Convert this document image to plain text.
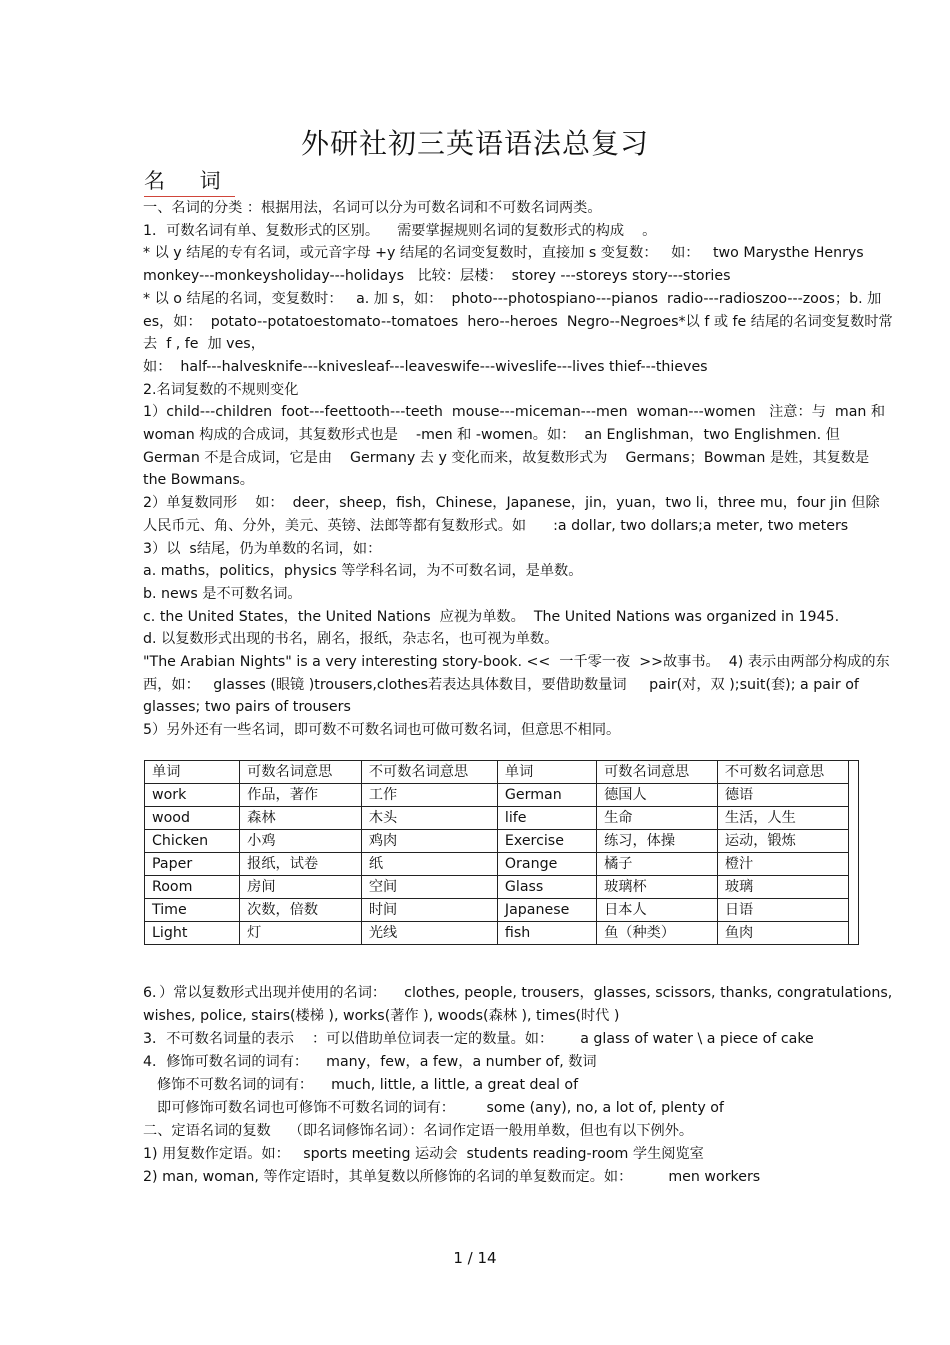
外研社初三英语语法总复习
名 词

一、名词的分类 ：根据用法，名词可以分为可数名词和不可数名词两类。

1．可数名词有单、复数形式的区别。    需要掌握规则名词的复数形式的构成    。

* 以 y 结尾的专有名词，或元音字母 +y 结尾的名词变复数时，直接加 s 变复数：   如：   two Marysthe Henrys  monkey---monkeysholiday---holidays   比较：层楼：  storey ---storeys story---stories

* 以 o 结尾的名词，变复数时：   a. 加 s，如：  photo---photospiano---pianos  radio---radioszoo---zoos；b. 加 es，如：  potato--potatoestomato--tomatoes  hero--heroes  Negro--Negroes*以 f 或 fe 结尾的名词变复数时常去  f , fe  加 ves，

如：  half---halvesknife---knivesleaf---leaveswife---wiveslife---lives thief---thieves

2.名词复数的不规则变化

1）child---children  foot---feettooth---teeth  mouse---miceman---men  woman---women   注意：与  man 和 woman 构成的合成词，其复数形式也是    -men 和 -women。如：  an Englishman，two Englishmen. 但 German 不是合成词，它是由    Germany 去 y 变化而来，故复数形式为    Germans；Bowman 是姓，其复数是  the Bowmans。

2）单复数同形    如：  deer，sheep，fish，Chinese，Japanese，jin，yuan，two li，three mu，four jin 但除人民币元、角、分外，美元、英镑、法郎等都有复数形式。如      :a dollar, two dollars;a meter, two meters

3）以  s结尾，仍为单数的名词，如：

a. maths，politics，physics 等学科名词，为不可数名词，是单数。

b. news 是不可数名词。

c. the United States，the United Nations  应视为单数。  The United Nations was organized in 1945.

d. 以复数形式出现的书名，剧名，报纸，杂志名，也可视为单数。

"The Arabian Nights" is a very interesting story-book. <<  一千零一夜  >>故事书。  4) 表示由两部分构成的东西，如：   glasses (眼镜 )trousers,clothes若表达具体数目，要借助数量词     pair(对，双 );suit(套); a pair of glasses; two pairs of trousers

5）另外还有一些名词，即可数不可数名词也可做可数名词，但意思不相同。

单词	可数名词意思	不可数名词意思	单词	可数名词意思	不可数名词意思	
work	作品，著作	工作	German	德国人	德语	
wood	森林	木头	life	生命	生活，人生	
Chicken	小鸡	鸡肉	Exercise	练习，体操	运动，锻炼	
Paper	报纸，试卷	纸	Orange	橘子	橙汁	
Room	房间	空间	Glass	玻璃杯	玻璃	
Time	次数，倍数	时间	Japanese	日本人	日语	
Light	灯	光线	fish	鱼（种类）	鱼肉	

6．）常以复数形式出现并使用的名词：    clothes, people, trousers，glasses, scissors, thanks, congratulations, wishes, police, stairs(楼梯 ), works(著作 ), woods(森林 ), times(时代 )

3．不可数名词量的表示    ：可以借助单位词表一定的数量。如：      a glass of water \ a piece of cake

4．修饰可数名词的词有：    many，few，a few，a number of, 数词

修饰不可数名词的词有：    much, little, a little, a great deal of

即可修饰可数名词也可修饰不可数名词的词有：       some (any), no, a lot of, plenty of

二、定语名词的复数    （即名词修饰名词）：名词作定语一般用单数，但也有以下例外。

1) 用复数作定语。如：   sports meeting 运动会  students reading-room 学生阅览室

2) man, woman, 等作定语时，其单复数以所修饰的名词的单复数而定。如：        men workers

1 / 14
